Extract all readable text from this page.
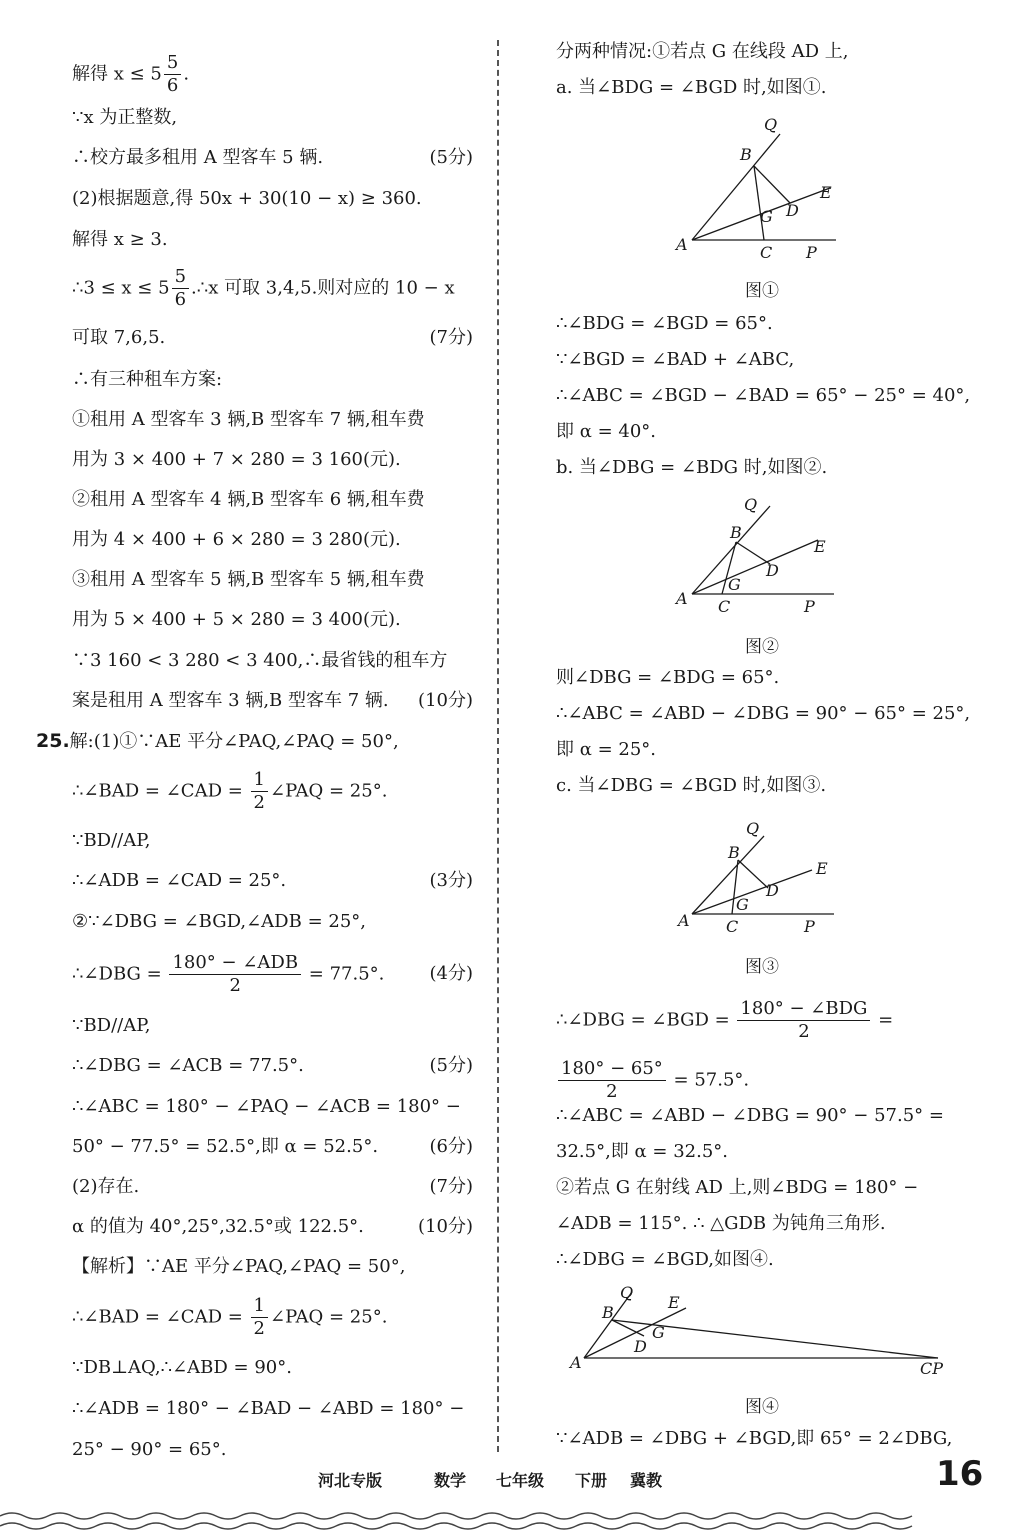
解得 $x \le 5 \frac{5}{6}$ .
∵x 为正整数,
∴校方最多租用 A 型客车 5 辆.	(5分)
(2)根据题意,得 50x + 30(10 − x) ≥ 360.
解得 x ≥ 3.
∴3 ≤ $x \le 5 \frac{5}{6}$ .∴x 可取 3,4,5.则对应的 10 − x
可取 7,6,5.	(7分)
∴有三种租车方案:
①租用 A 型客车 3 辆,B 型客车 7 辆,租车费
用为 3 × 400 + 7 × 280 = 3 160(元).
②租用 A 型客车 4 辆,B 型客车 6 辆,租车费
用为 4 × 400 + 6 × 280 = 3 280(元).
③租用 A 型客车 5 辆,B 型客车 5 辆,租车费
用为 5 × 400 + 5 × 280 = 3 400(元).
∵3 160 < 3 280 < 3 400,∴最省钱的租车方
案是租用 A 型客车 3 辆,B 型客车 7 辆. (10分)
25.解:(1)①∵AE 平分∠PAQ,∠PAQ = 50°,
∴∠BAD = ∠CAD = $\frac{1}{2}$ ∠PAQ = 25°.
∵BD//AP,
∴∠ADB = ∠CAD = 25°.	(3分)
②∵∠DBG = ∠BGD,∠ADB = 25°,
∴∠DBG = $\frac{\text{180° − ∠ADB}}{2} = 77.5^\circ$.	(4分)
∵BD//AP,
∴∠DBG = ∠ACB = 77.5°.	(5分)
∴∠ABC = 180° − ∠PAQ − ∠ACB = 180° −
50° − 77.5° = 52.5°,即 α = 52.5°.	(6分)
(2)存在.	(7分)
α 的值为 40°,25°,32.5°或 122.5°.	(10分)
【解析】∵AE 平分∠PAQ,∠PAQ = 50°,
∴∠BAD = ∠CAD = $\frac{1}{2}$ ∠PAQ = 25°.
∵DB⊥AQ,∴∠ABD = 90°.
∴∠ADB = 180° − ∠BAD − ∠ABD = 180° −
25° − 90° = 65°.
分两种情况:①若点 G 在线段 AD 上,
a. 当∠BDG = ∠BGD 时,如图①.
∴∠BDG = ∠BGD = 65°.
∵∠BGD = ∠BAD + ∠ABC,
∴∠ABC = ∠BGD − ∠BAD = 65° − 25° = 40°,
即 α = 40°.
b. 当∠DBG = ∠BDG 时,如图②.
则∠DBG = ∠BDG = 65°.
∴∠ABC = ∠ABD − ∠DBG = 90° − 65° = 25°,
即 α = 25°.
c. 当∠DBG = ∠BGD 时,如图③.
∴∠DBG = ∠BGD = $\frac{\text{180° − ∠BDG}}{2}$ =
$\frac{180^\circ - 65^\circ}{2} = 57.5^\circ$.
∴∠ABC = ∠ABD − ∠DBG = 90° − 57.5° =
32.5°,即 α = 32.5°.
②若点 G 在射线 AD 上,则∠BDG = 180° −
∠ADB = 115°. ∴ △GDB 为钝角三角形.
∴∠DBG = ∠BGD,如图④.
∵∠ADB = ∠DBG + ∠BGD,即 65° = 2∠DBG,
Q
B
E
G D
A	C P
图①
Q
B
E
G
D
A C	P
图②
Q
B
E
G
D
A C	P
图③
Q
B
E
G
D
A	CP
图④
河北专版	数学 七年级 下册 冀教	16
